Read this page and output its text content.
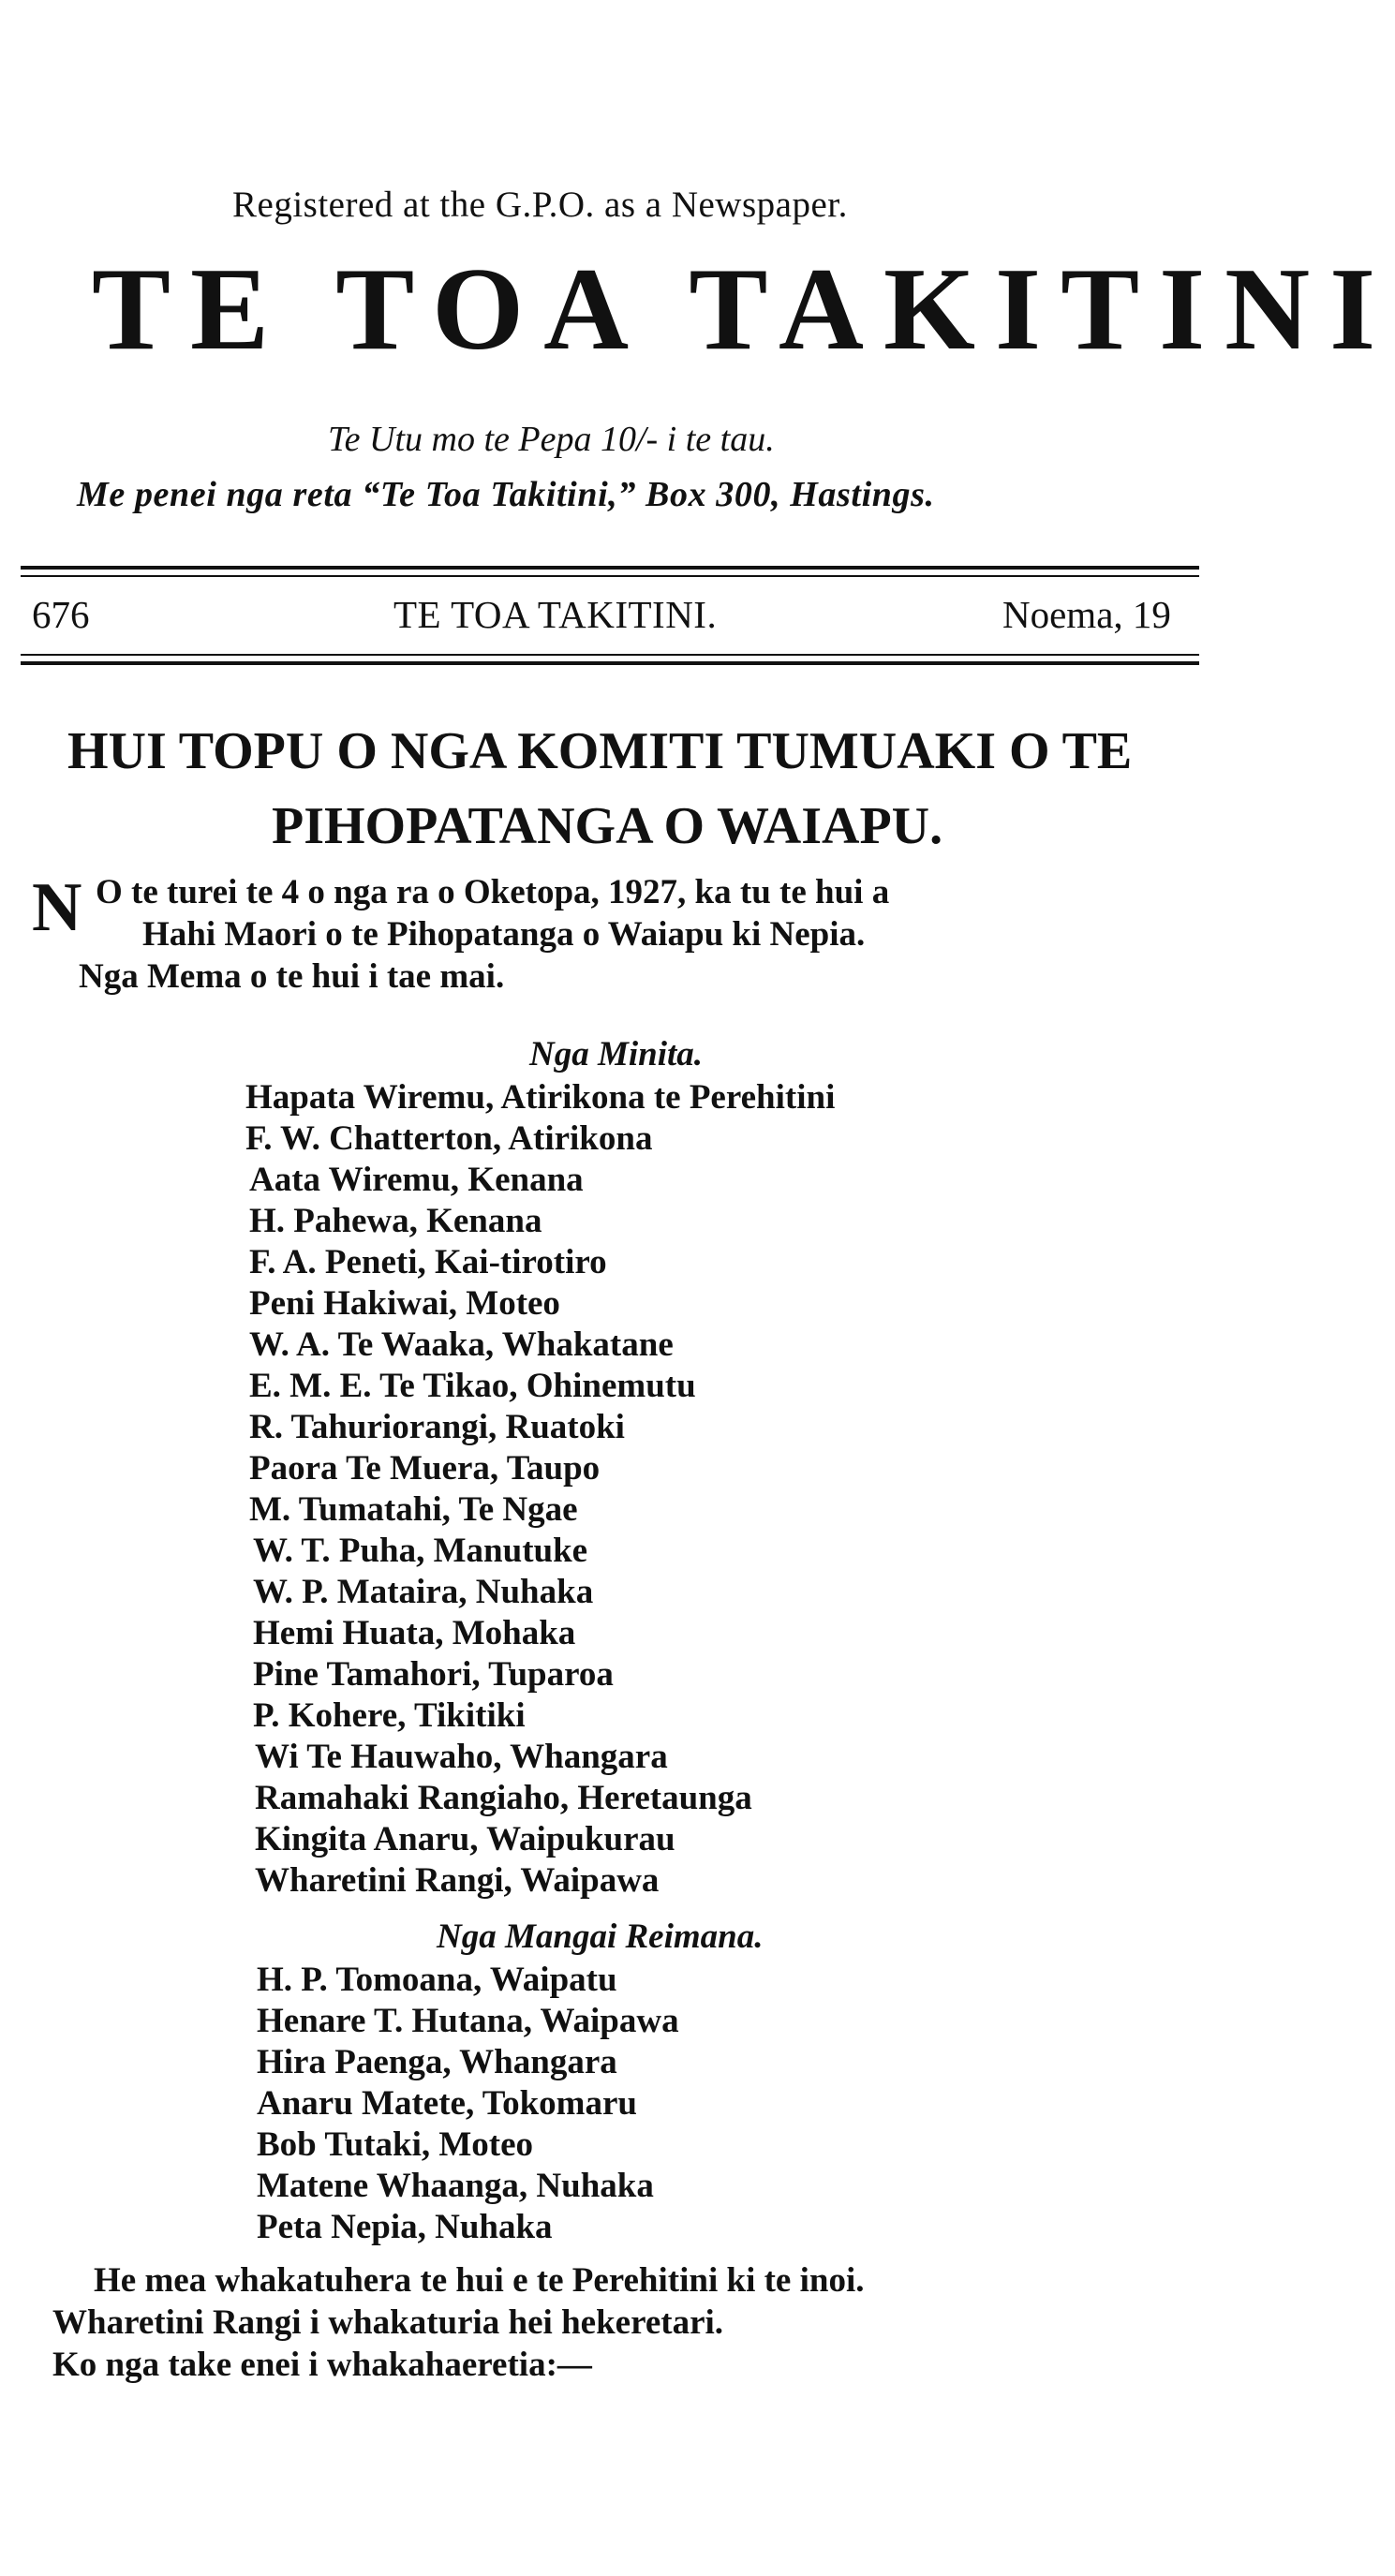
Registered at the G.P.O. as a Newspaper.
TE TOA TAKITINI
Te Utu mo te Pepa 10/- i te tau.
Me penei nga reta “Te Toa Takitini,” Box 300, Hastings.
676	TE TOA TAKITINI.	Noema, 19
HUI TOPU O NGA KOMITI TUMUAKI O TE
PIHOPATANGA O WAIAPU.
N O te turei te 4 o nga ra o Oketopa, 1927, ka tu te hui a
Hahi Maori o te Pihopatanga o Waiapu ki Nepia.
Nga Mema o te hui i tae mai.
Nga Minita.
Hapata Wiremu, Atirikona te Perehitini
F. W. Chatterton, Atirikona
Aata Wiremu, Kenana
H. Pahewa, Kenana
F. A. Peneti, Kai-tirotiro
Peni Hakiwai, Moteo
W. A. Te Waaka, Whakatane
E. M. E. Te Tikao, Ohinemutu
R. Tahuriorangi, Ruatoki
Paora Te Muera, Taupo
M. Tumatahi, Te Ngae
W. T. Puha, Manutuke
W. P. Mataira, Nuhaka
Hemi Huata, Mohaka
Pine Tamahori, Tuparoa
P. Kohere, Tikitiki
Wi Te Hauwaho, Whangara
Ramahaki Rangiaho, Heretaunga
Kingita Anaru, Waipukurau
Wharetini Rangi, Waipawa
Nga Mangai Reimana.
H. P. Tomoana, Waipatu
Henare T. Hutana, Waipawa
Hira Paenga, Whangara
Anaru Matete, Tokomaru
Bob Tutaki, Moteo
Matene Whaanga, Nuhaka
Peta Nepia, Nuhaka
He mea whakatuhera te hui e te Perehitini ki te inoi.
Wharetini Rangi i whakaturia hei hekeretari.
Ko nga take enei i whakahaeretia:—
